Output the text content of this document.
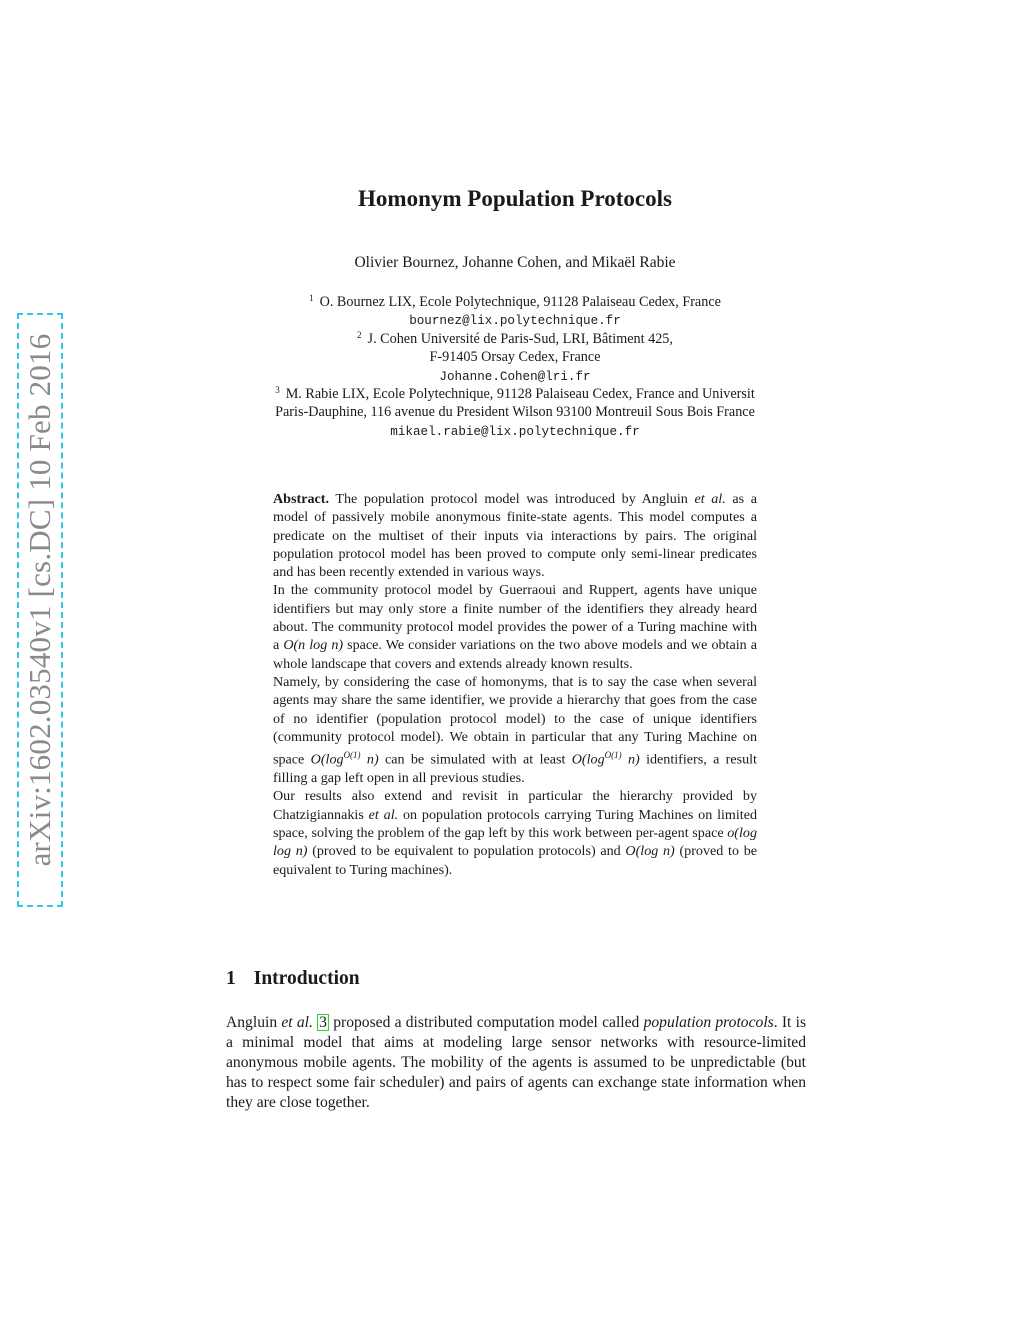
arXiv:1602.03540v1 [cs.DC] 10 Feb 2016
Homonym Population Protocols
Olivier Bournez, Johanne Cohen, and Mikaël Rabie
$^1$ O. Bournez LIX, Ecole Polytechnique, 91128 Palaiseau Cedex, France
bournez@lix.polytechnique.fr
$^2$ J. Cohen Université de Paris-Sud, LRI, Bâtiment 425,
F-91405 Orsay Cedex, France
Johanne.Cohen@lri.fr
$^3$ M. Rabie LIX, Ecole Polytechnique, 91128 Palaiseau Cedex, France and Universit
Paris-Dauphine, 116 avenue du President Wilson 93100 Montreuil Sous Bois France
mikael.rabie@lix.polytechnique.fr

Abstract. The population protocol model was introduced by Angluin et al. as a model of passively mobile anonymous finite-state agents. This model computes a predicate on the multiset of their inputs via interactions by pairs. The original population protocol model has been proved to compute only semi-linear predicates and has been recently extended in various ways.

In the community protocol model by Guerraoui and Ruppert, agents have unique identifiers but may only store a finite number of the identifiers they already heard about. The community protocol model provides the power of a Turing machine with a O(n log n) space. We consider variations on the two above models and we obtain a whole landscape that covers and extends already known results.

Namely, by considering the case of homonyms, that is to say the case when several agents may share the same identifier, we provide a hierarchy that goes from the case of no identifier (population protocol model) to the case of unique identifiers (community protocol model). We obtain in particular that any Turing Machine on space $O(\log^{O(1)}$ n) can be simulated with at least $O(\log^{O(1)}$ n) identifiers, a result filling a gap left open in all previous studies.

Our results also extend and revisit in particular the hierarchy provided by Chatzigiannakis et al. on population protocols carrying Turing Machines on limited space, solving the problem of the gap left by this work between per-agent space o(log log n) (proved to be equivalent to population protocols) and O(log n) (proved to be equivalent to Turing machines).

1 Introduction

Angluin et al. 3 proposed a distributed computation model called population protocols. It is a minimal model that aims at modeling large sensor networks with resource-limited anonymous mobile agents. The mobility of the agents is assumed to be unpredictable (but has to respect some fair scheduler) and pairs of agents can exchange state information when they are close together.
